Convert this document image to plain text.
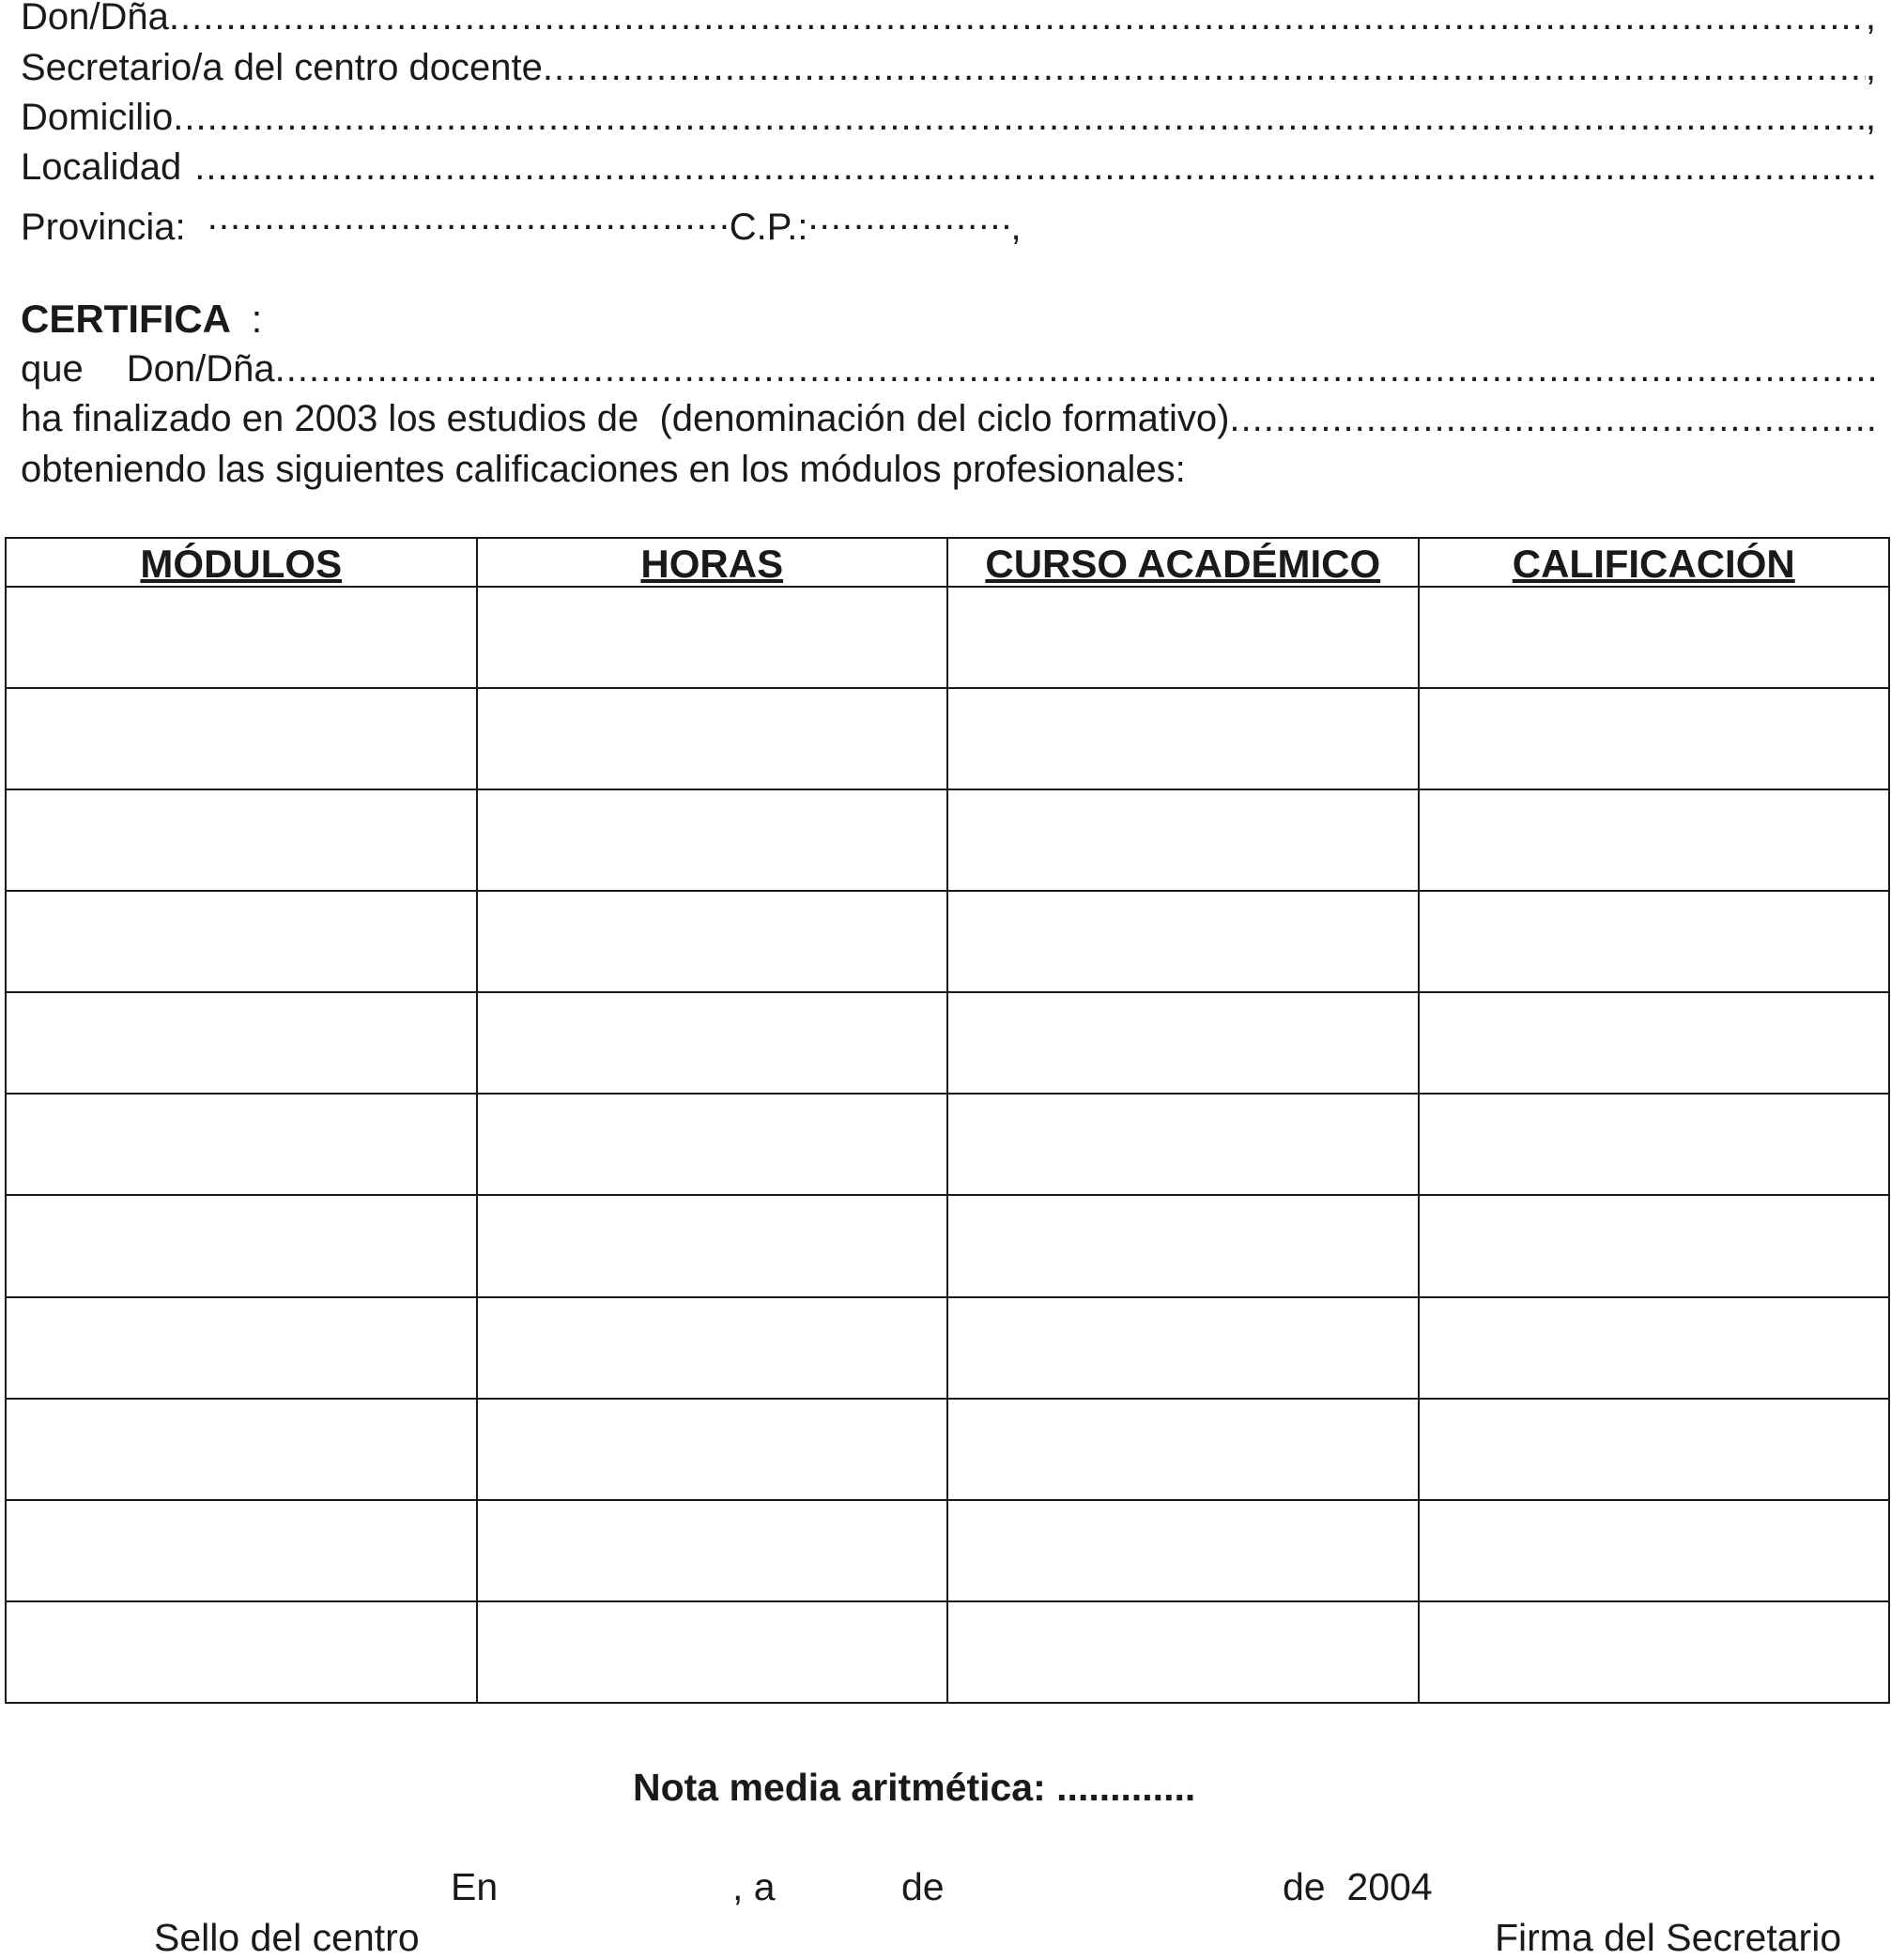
Don/Dña .....	,
Secretario/a del centro docente .....	,
Domicilio .....	,
Localidad
.....
Provincia: .....	C.P.: .....	,
CERTIFICA :
que Don/Dña
.....
ha finalizado en 2003 los estudios de  (denominación del ciclo formativo)
.....
obteniendo las siguientes calificaciones en los módulos profesionales:
MÓDULOS	HORAS	CURSO ACADÉMICO	CALIFICACIÓN

Nota media aritmética: .............
En	, a	de	de  2004
Sello del centro	Firma del Secretario
